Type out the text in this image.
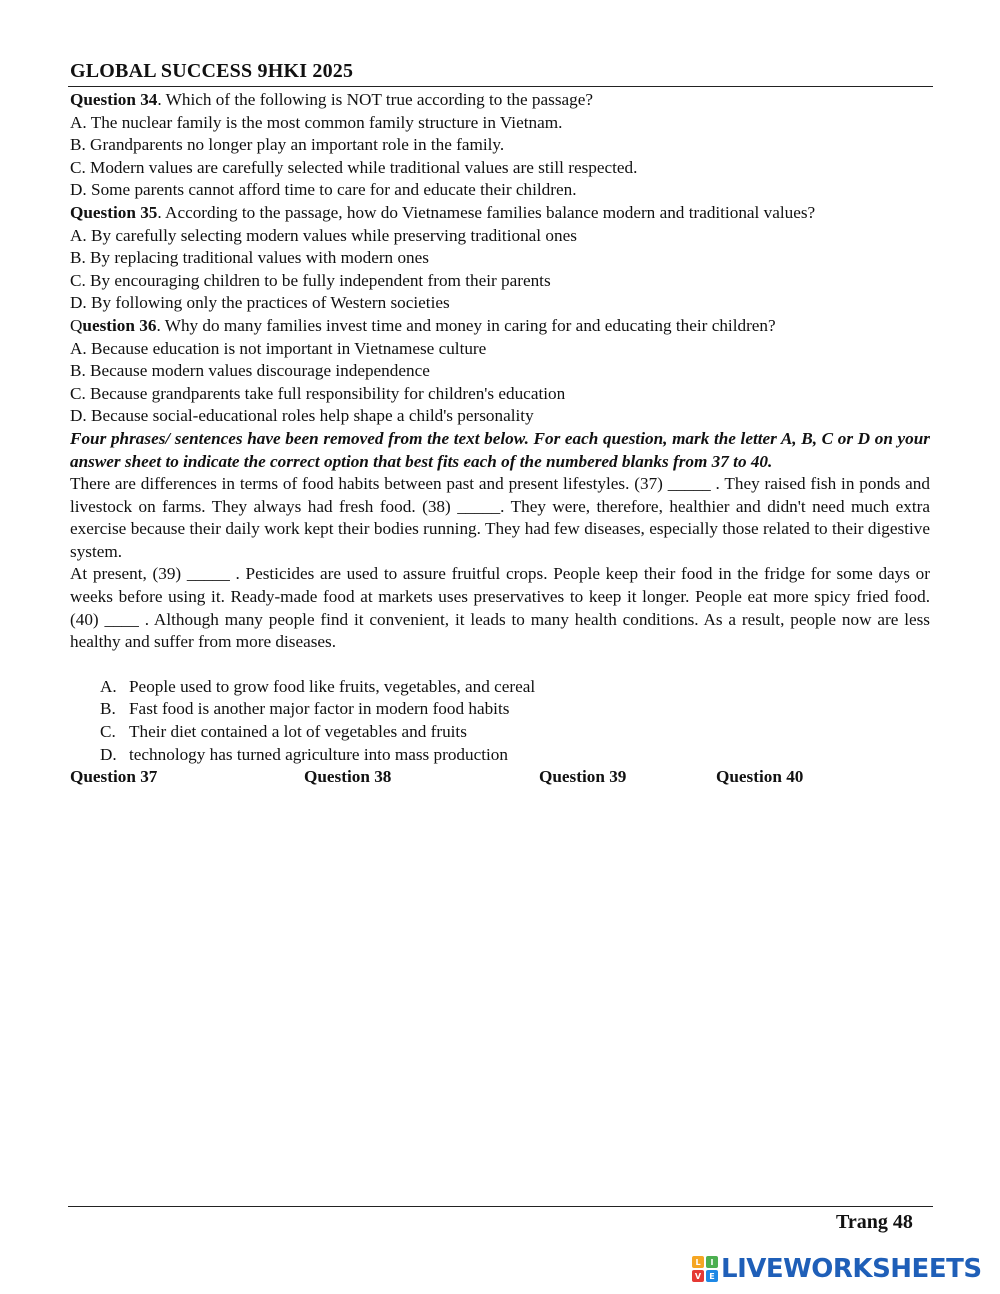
GLOBAL SUCCESS 9HKI 2025

Question 34. Which of the following is NOT true according to the passage?

A. The nuclear family is the most common family structure in Vietnam.

B. Grandparents no longer play an important role in the family.

C. Modern values are carefully selected while traditional values are still respected.

D. Some parents cannot afford time to care for and educate their children.

Question 35. According to the passage, how do Vietnamese families balance modern and traditional values?

A. By carefully selecting modern values while preserving traditional ones

B. By replacing traditional values with modern ones

C. By encouraging children to be fully independent from their parents

D. By following only the practices of Western societies

Question 36. Why do many families invest time and money in caring for and educating their children?

A. Because education is not important in Vietnamese culture

B. Because modern values discourage independence

C. Because grandparents take full responsibility for children's education

D. Because social-educational roles help shape a child's personality

Four phrases/ sentences have been removed from the text below. For each question, mark the letter A, B, C or D on your answer sheet to indicate the correct option that best fits each of the numbered blanks from 37 to 40.

There are differences in terms of food habits between past and present lifestyles. (37) _____ . They raised fish in ponds and livestock on farms. They always had fresh food. (38) _____. They were, therefore, healthier and didn't need much extra exercise because their daily work kept their bodies running. They had few diseases, especially those related to their digestive system.

At present, (39) _____ . Pesticides are used to assure fruitful crops. People keep their food in the fridge for some days or weeks before using it. Ready-made food at markets uses preservatives to keep it longer. People eat more spicy fried food. (40) ____ . Although many people find it convenient, it leads to many health conditions. As a result, people now are less healthy and suffer from more diseases.

A. People used to grow food like fruits, vegetables, and cereal
B. Fast food is another major factor in modern food habits
C. Their diet contained a lot of vegetables and fruits
D. technology has turned agriculture into mass production
Question 37	Question 38	Question 39	Question 40
Trang 48
L	I
V	E LIVEWORKSHEETS
